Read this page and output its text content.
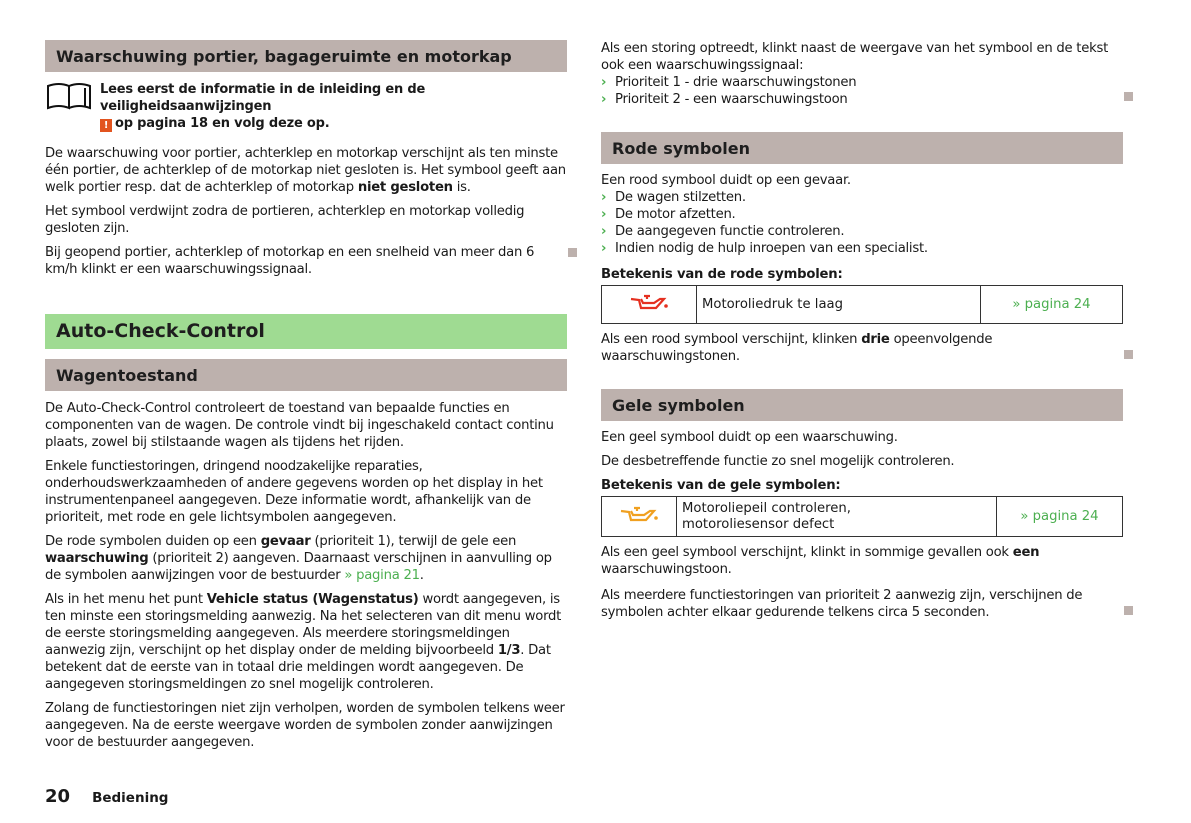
Waarschuwing portier, bagageruimte en motorkap
Lees eerst de informatie in de inleiding en de veiligheidsaanwijzingen
! op pagina 18 en volg deze op.
De waarschuwing voor portier, achterklep en motorkap verschijnt als ten minste één portier, de achterklep of de motorkap niet gesloten is. Het symbool geeft aan welk portier resp. dat de achterklep of motorkap niet gesloten is.
Het symbool verdwijnt zodra de portieren, achterklep en motorkap volledig gesloten zijn.
Bij geopend portier, achterklep of motorkap en een snelheid van meer dan 6 km/h klinkt er een waarschuwingssignaal.
Auto-Check-Control
Wagentoestand
De Auto-Check-Control controleert de toestand van bepaalde functies en componenten van de wagen. De controle vindt bij ingeschakeld contact continu plaats, zowel bij stilstaande wagen als tijdens het rijden.
Enkele functiestoringen, dringend noodzakelijke reparaties, onderhoudswerkzaamheden of andere gegevens worden op het display in het instrumentenpaneel aangegeven. Deze informatie wordt, afhankelijk van de prioriteit, met rode en gele lichtsymbolen aangegeven.
De rode symbolen duiden op een gevaar (prioriteit 1), terwijl de gele een waarschuwing (prioriteit 2) aangeven. Daarnaast verschijnen in aanvulling op de symbolen aanwijzingen voor de bestuurder » pagina 21.
Als in het menu het punt Vehicle status (Wagenstatus) wordt aangegeven, is ten minste een storingsmelding aanwezig. Na het selecteren van dit menu wordt de eerste storingsmelding aangegeven. Als meerdere storingsmeldingen aanwezig zijn, verschijnt op het display onder de melding bijvoorbeeld 1/3. Dat betekent dat de eerste van in totaal drie meldingen wordt aangegeven. De aangegeven storingsmeldingen zo snel mogelijk controleren.
Zolang de functiestoringen niet zijn verholpen, worden de symbolen telkens weer aangegeven. Na de eerste weergave worden de symbolen zonder aanwijzingen voor de bestuurder aangegeven.
Als een storing optreedt, klinkt naast de weergave van het symbool en de tekst ook een waarschuwingssignaal:
› Prioriteit 1 - drie waarschuwingstonen
› Prioriteit 2 - een waarschuwingstoon
Rode symbolen
Een rood symbool duidt op een gevaar.
› De wagen stilzetten.
› De motor afzetten.
› De aangegeven functie controleren.
› Indien nodig de hulp inroepen van een specialist.
Betekenis van de rode symbolen:
	Motoroliedruk te laag	» pagina 24
Als een rood symbool verschijnt, klinken drie opeenvolgende waarschuwingstonen.
Gele symbolen
Een geel symbool duidt op een waarschuwing.
De desbetreffende functie zo snel mogelijk controleren.
Betekenis van de gele symbolen:

Motoroliepeil controleren,
motoroliesensor defect
	» pagina 24
Als een geel symbool verschijnt, klinkt in sommige gevallen ook een waarschuwingstoon.
Als meerdere functiestoringen van prioriteit 2 aanwezig zijn, verschijnen de symbolen achter elkaar gedurende telkens circa 5 seconden.
20 Bediening
